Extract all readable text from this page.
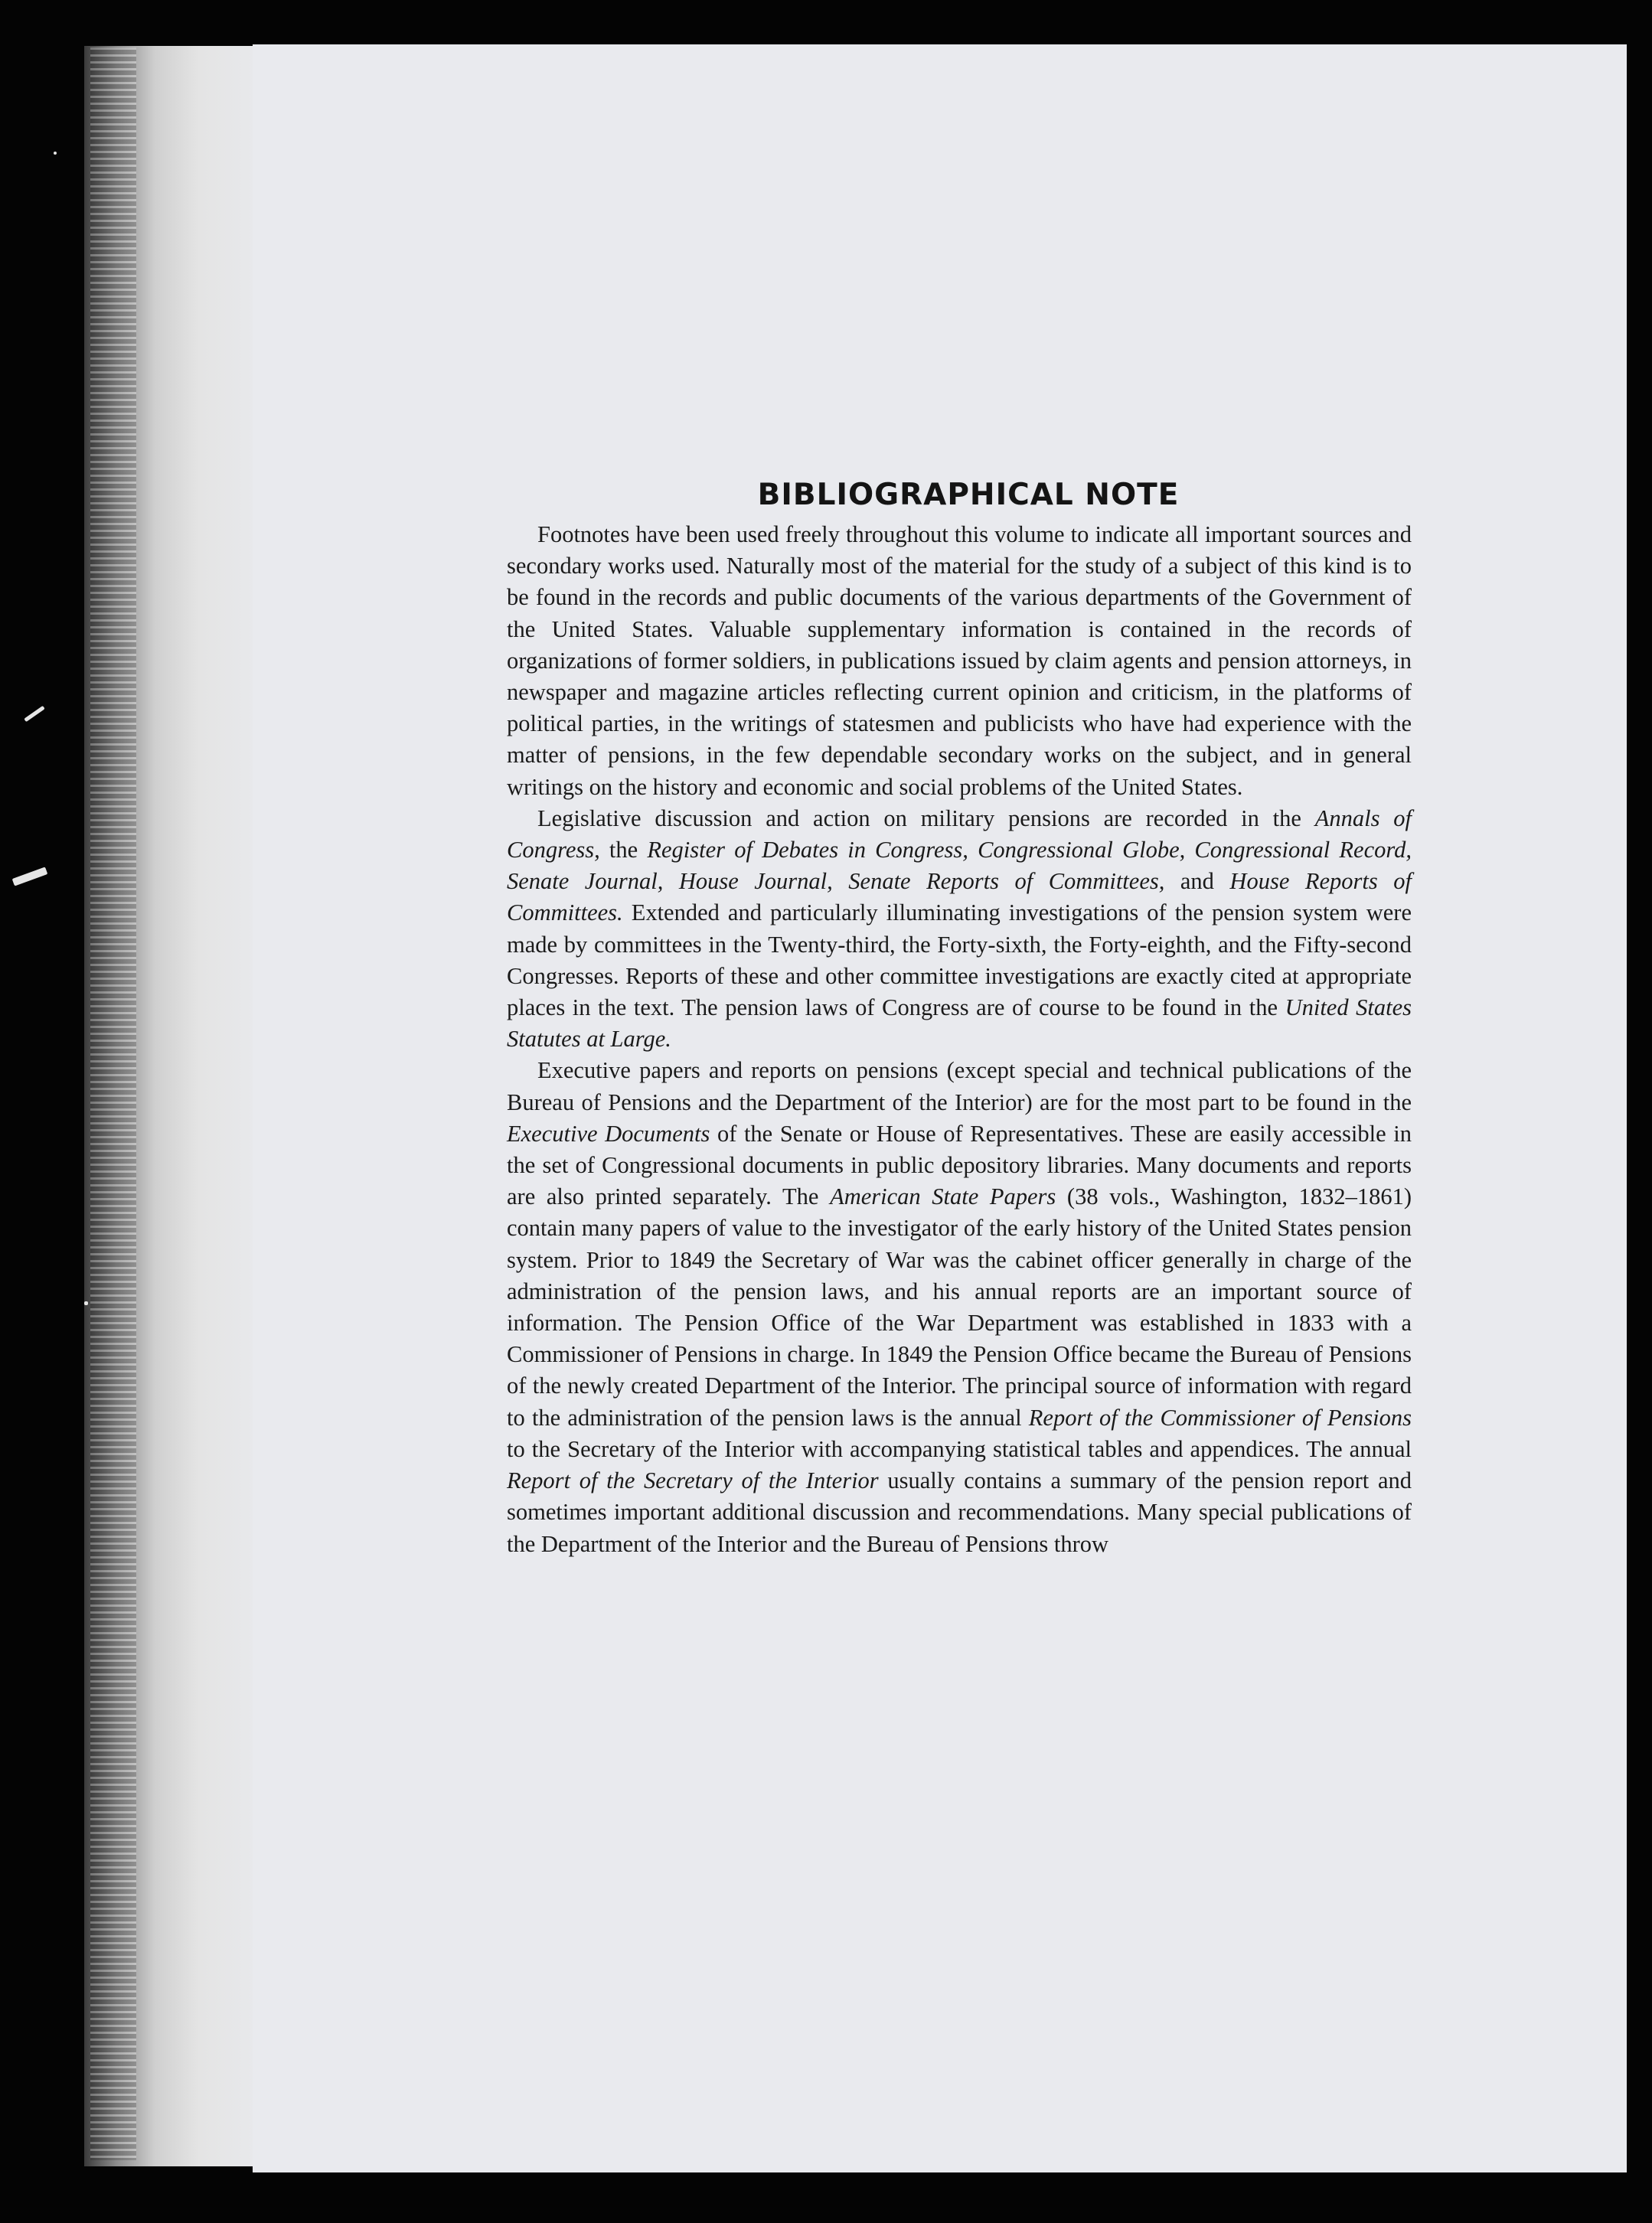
BIBLIOGRAPHICAL NOTE

Footnotes have been used freely throughout this volume to indicate all important sources and secondary works used. Naturally most of the material for the study of a subject of this kind is to be found in the records and public documents of the various departments of the Government of the United States. Valuable supplementary information is contained in the records of organizations of former soldiers, in publications issued by claim agents and pension attorneys, in newspaper and magazine articles reflecting current opinion and criticism, in the platforms of political parties, in the writings of statesmen and publicists who have had experience with the matter of pensions, in the few dependable secondary works on the subject, and in general writings on the history and economic and social problems of the United States.

Legislative discussion and action on military pensions are recorded in the Annals of Congress, the Register of Debates in Congress, Congressional Globe, Congressional Record, Senate Journal, House Journal, Senate Reports of Committees, and House Reports of Committees. Extended and particularly illuminating investigations of the pension system were made by committees in the Twenty-third, the Forty-sixth, the Forty-eighth, and the Fifty-second Congresses. Reports of these and other committee investigations are exactly cited at appropriate places in the text. The pension laws of Congress are of course to be found in the United States Statutes at Large.

Executive papers and reports on pensions (except special and technical publications of the Bureau of Pensions and the Department of the Interior) are for the most part to be found in the Executive Documents of the Senate or House of Representatives. These are easily accessible in the set of Congressional documents in public depository libraries. Many documents and reports are also printed separately. The American State Papers (38 vols., Washington, 1832–1861) contain many papers of value to the investigator of the early history of the United States pension system. Prior to 1849 the Secretary of War was the cabinet officer generally in charge of the administration of the pension laws, and his annual reports are an important source of information. The Pension Office of the War Department was established in 1833 with a Commissioner of Pensions in charge. In 1849 the Pension Office became the Bureau of Pensions of the newly created Department of the Interior. The principal source of information with regard to the administration of the pension laws is the annual Report of the Commissioner of Pensions to the Secretary of the Interior with accompanying statistical tables and appendices. The annual Report of the Secretary of the Interior usually contains a summary of the pension report and sometimes important additional discussion and recommendations. Many special publications of the Department of the Interior and the Bureau of Pensions throw
